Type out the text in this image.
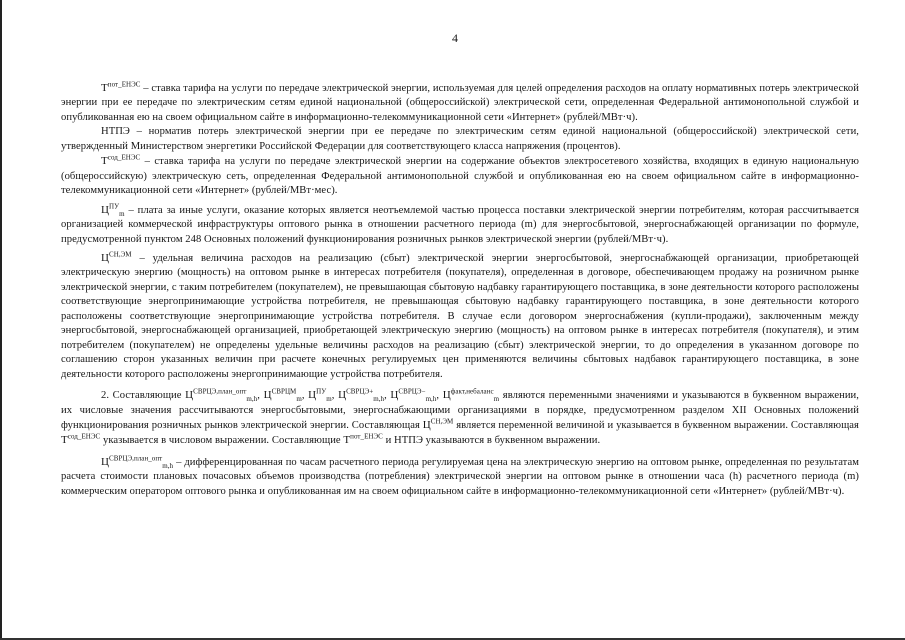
4

$Т^{пот\_ЕНЭС}$ – ставка тарифа на услуги по передаче электрической энергии, используемая для целей определения расходов на оплату нормативных потерь электрической энергии при ее передаче по электрическим сетям единой национальной (общероссийской) электрической сети, определенная Федеральной антимонопольной службой и опубликованная ею на своем официальном сайте в информационно-телекоммуникационной сети «Интернет» (рублей/МВт·ч).

НТПЭ – норматив потерь электрической энергии при ее передаче по электрическим сетям единой национальной (общероссийской) электрической сети, утвержденный Министерством энергетики Российской Федерации для соответствующего класса напряжения (процентов).

$Т^{сод\_ЕНЭС}$ – ставка тарифа на услуги по передаче электрической энергии на содержание объектов электросетевого хозяйства, входящих в единую национальную (общероссийскую) электрическую сеть, определенная Федеральной антимонопольной службой и опубликованная ею на своем официальном сайте в информационно-телекоммуникационной сети «Интернет» (рублей/МВт·мес).

$Ц^{ПУ}_m$ – плата за иные услуги, оказание которых является неотъемлемой частью процесса поставки электрической энергии потребителям, которая рассчитывается организацией коммерческой инфраструктуры оптового рынка в отношении расчетного периода (m) для энергосбытовой, энергоснабжающей организации по формуле, предусмотренной пунктом 248 Основных положений функционирования розничных рынков электрической энергии (рублей/МВт·ч).

$Ц^{СН,ЭМ}$ – удельная величина расходов на реализацию (сбыт) электрической энергии энергосбытовой, энергоснабжающей организации, приобретающей электрическую энергию (мощность) на оптовом рынке в интересах потребителя (покупателя), определенная в договоре, обеспечивающем продажу на розничном рынке электрической энергии, с таким потребителем (покупателем), не превышающая сбытовую надбавку гарантирующего поставщика, в зоне деятельности которого расположены соответствующие энергопринимающие устройства потребителя, не превышающая сбытовую надбавку гарантирующего поставщика, в зоне деятельности которого расположены соответствующие энергопринимающие устройства потребителя. В случае если договором энергоснабжения (купли-продажи), заключенным между энергосбытовой, энергоснабжающей организацией, приобретающей электрическую энергию (мощность) на оптовом рынке в интересах потребителя (покупателя), и этим потребителем (покупателем) не определены удельные величины расходов на реализацию (сбыт) электрической энергии, то до определения в указанном договоре по соглашению сторон указанных величин при расчете конечных регулируемых цен применяются величины сбытовых надбавок гарантирующего поставщика, в зоне деятельности которого расположены энергопринимающие устройства потребителя.

2. Составляющие $Ц^{СВРЦЭ,план\_опт}_{m,h}$, $Ц^{СВРЦМ}_m$, $Ц^{ПУ}_m$, $Ц^{СВРЦЭ+}_{m,h}$, $Ц^{СВРЦЭ-}_{m,h}$, $Ц^{факт,небаланс}_m$ являются переменными значениями и указываются в буквенном выражении, их числовые значения рассчитываются энергосбытовыми, энергоснабжающими организациями в порядке, предусмотренном разделом XII Основных положений функционирования розничных рынков электрической энергии. Составляющая $Ц^{СН,ЭМ}$ является переменной величиной и указывается в буквенном выражении. Составляющая $Т^{сод\_ЕНЭС}$ указывается в числовом выражении. Составляющие $Т^{пот\_ЕНЭС}$ и НТПЭ указываются в буквенном выражении.

$Ц^{СВРЦЭ,план\_опт}_{m,h}$ – дифференцированная по часам расчетного периода регулируемая цена на электрическую энергию на оптовом рынке, определенная по результатам расчета стоимости плановых почасовых объемов производства (потребления) электрической энергии на оптовом рынке в отношении часа (h) расчетного периода (m) коммерческим оператором оптового рынка и опубликованная им на своем официальном сайте в информационно-телекоммуникационной сети «Интернет» (рублей/МВт·ч).
